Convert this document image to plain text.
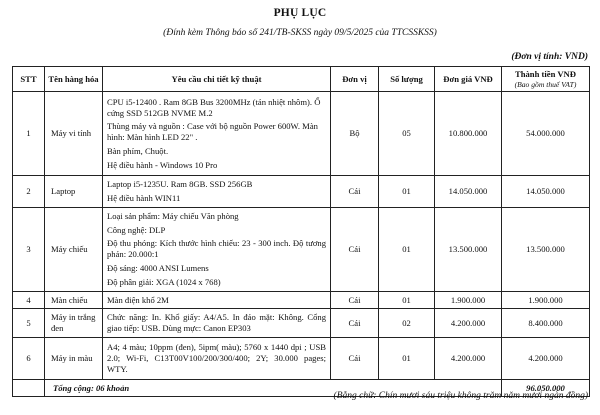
PHỤ LỤC
(Đính kèm Thông báo số 241/TB-SKSS ngày 09/5/2025 của TTCSSKSS)
(Đơn vị tính: VND)
STT	Tên hàng hóa	Yêu cầu chi tiết kỹ thuật	Đơn vị	Số lượng	Đơn giá VNĐ	Thành tiền VNĐ
(Bao gồm thuế VAT)

1	Máy vi tính	CPU i5-12400 . Ram 8GB Bus 3200MHz (tản nhiệt nhôm). Ổ cứng SSD 512GB NVME M.2

Thùng máy và nguồn : Case với bộ nguồn Power 600W. Màn hình: Màn hình LED 22" .

Bàn phím, Chuột.

Hệ điều hành - Windows 10 Pro	Bộ	05	10.800.000	54.000.000
2	Laptop	Laptop i5-1235U. Ram 8GB. SSD 256GB

Hệ điều hành WIN11	Cái	01	14.050.000	14.050.000
3	Máy chiếu	Loại sản phẩm: Máy chiếu Văn phòng

Công nghệ: DLP

Độ thu phóng: Kích thước hình chiếu: 23 - 300 inch. Độ tương phản: 20.000:1

Độ sáng: 4000 ANSI Lumens

Độ phân giải: XGA (1024 x 768)	Cái	01	13.500.000	13.500.000
4	Màn chiếu	Màn điện khổ 2M	Cái	01	1.900.000	1.900.000
5	Máy in trắng đen	Chức năng: In. Khổ giấy: A4/A5. In đảo mặt: Không. Cổng giao tiếp: USB. Dùng mực: Canon EP303	Cái	02	4.200.000	8.400.000
6	Máy in màu	A4; 4 màu; 10ppm (đen), 5ipm( màu); 5760 x 1440 dpi ; USB 2.0; Wi-Fi, C13T00V100/200/300/400; 2Y; 30.000 pages; WTY.	Cái	01	4.200.000	4.200.000
	Tổng cộng: 06 khoản					96.050.000
(Bằng chữ: Chín mươi sáu triệu không trăm năm mươi ngàn đồng)
